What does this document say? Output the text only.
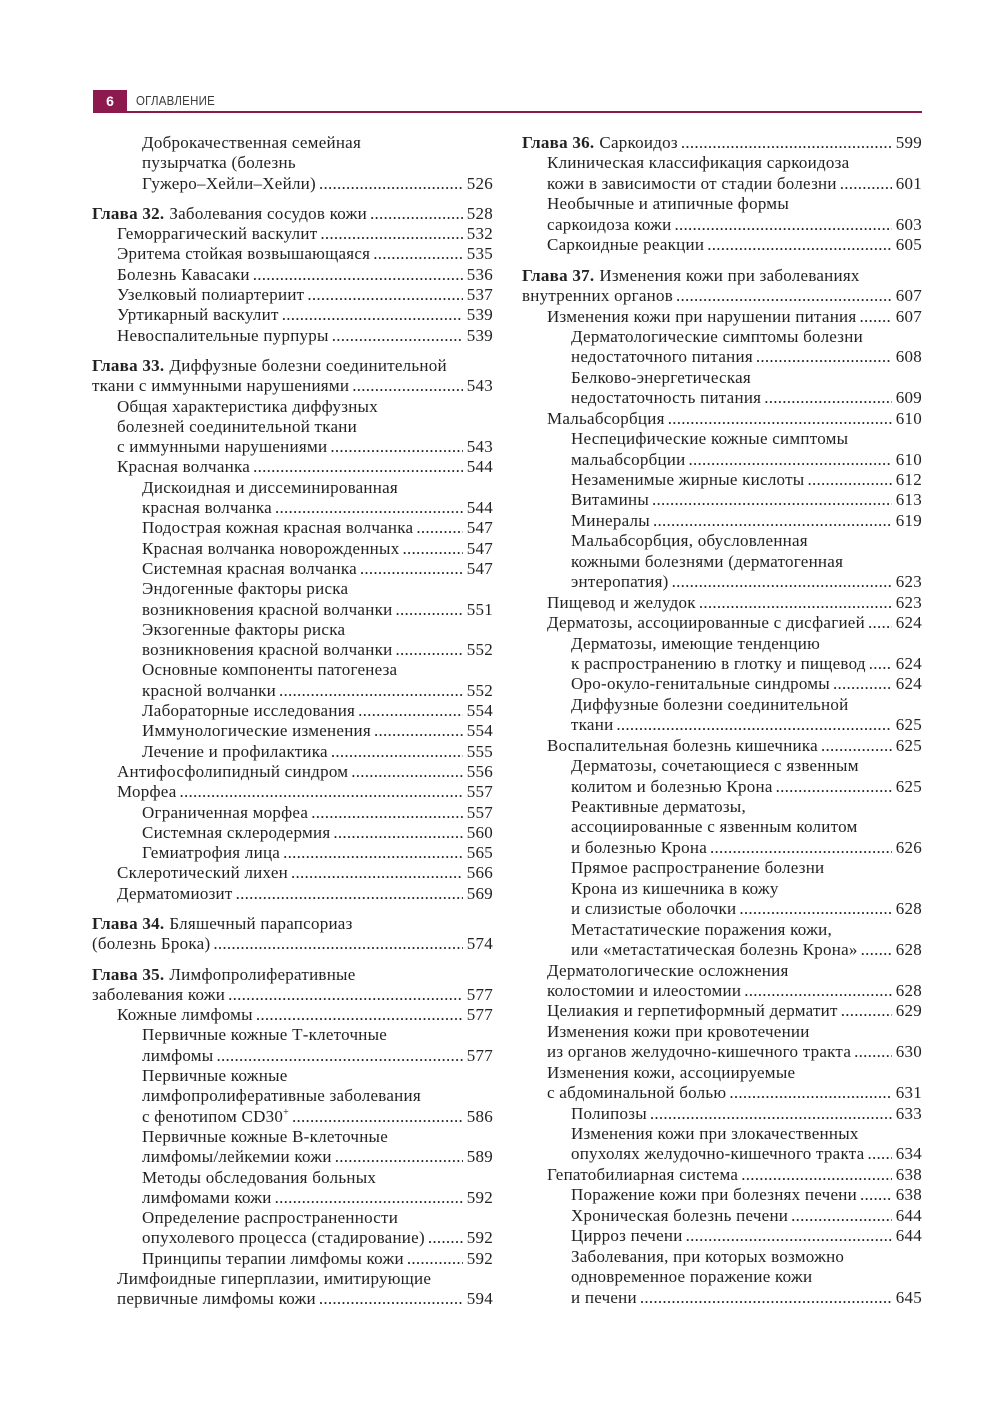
6	ОГЛАВЛЕНИЕ
Доброкачественная семейная
пузырчатка (болезнь
Гужеро–Хейли–Хейли) .....	526
Глава 32. Заболевания сосудов кожи .....	528
Геморрагический васкулит .....	532
Эритема стойкая возвышающаяся .....	535
Болезнь Кавасаки .....	536
Узелковый полиартериит .....	537
Уртикарный васкулит .....	539
Невоспалительные пурпуры .....	539
Глава 33. Диффузные болезни соединительной
ткани с иммунными нарушениями .....	543
Общая характеристика диффузных
болезней соединительной ткани
с иммунными нарушениями .....	543
Красная волчанка .....	544
Дискоидная и диссеминированная
красная волчанка .....	544
Подострая кожная красная волчанка .....	547
Красная волчанка новорожденных .....	547
Системная красная волчанка .....	547
Эндогенные факторы риска
возникновения красной волчанки .....	551
Экзогенные факторы риска
возникновения красной волчанки .....	552
Основные компоненты патогенеза
красной волчанки .....	552
Лабораторные исследования .....	554
Иммунологические изменения .....	554
Лечение и профилактика .....	555
Антифосфолипидный синдром .....	556
Морфеа .....	557
Ограниченная морфеа .....	557
Системная склеродермия .....	560
Гемиатрофия лица .....	565
Склеротический лихен .....	566
Дерматомиозит .....	569
Глава 34. Бляшечный парапсориаз
(болезнь Брока) .....	574
Глава 35. Лимфопролиферативные
заболевания кожи .....	577
Кожные лимфомы .....	577
Первичные кожные Т-клеточные
лимфомы .....	577
Первичные кожные
лимфопролиферативные заболевания
с фенотипом CD30+ .....	586
Первичные кожные В-клеточные
лимфомы/лейкемии кожи .....	589
Методы обследования больных
лимфомами кожи .....	592
Определение распространенности
опухолевого процесса (стадирование) ..... 592
Принципы терапии лимфомы кожи .....	592
Лимфоидные гиперплазии, имитирующие
первичные лимфомы кожи .....	594
Глава 36. Саркоидоз .....	599
Клиническая классификация саркоидоза
кожи в зависимости от стадии болезни .....	601
Необычные и атипичные формы
саркоидоза кожи .....	603
Саркоидные реакции .....	605
Глава 37. Изменения кожи при заболеваниях
внутренних органов .....	607
Изменения кожи при нарушении питания ..... 607
Дерматологические симптомы болезни
недостаточного питания .....	608
Белково-энергетическая
недостаточность питания .....	609
Мальабсорбция .....	610
Неспецифические кожные симптомы
мальабсорбции .....	610
Незаменимые жирные кислоты .....	612
Витамины .....	613
Минералы .....	619
Мальабсорбция, обусловленная
кожными болезнями (дерматогенная
энтеропатия) .....	623
Пищевод и желудок .....	623
Дерматозы, ассоциированные с дисфагией ..... 624
Дерматозы, имеющие тенденцию
к распространению в глотку и пищевод ..... 624
Оро-окуло-генитальные синдромы .....	624
Диффузные болезни соединительной
ткани .....	625
Воспалительная болезнь кишечника .....	625
Дерматозы, сочетающиеся с язвенным
колитом и болезнью Крона .....	625
Реактивные дерматозы,
ассоциированные с язвенным колитом
и болезнью Крона .....	626
Прямое распространение болезни
Крона из кишечника в кожу
и слизистые оболочки .....	628
Метастатические поражения кожи,
или «метастатическая болезнь Крона» ..... 628
Дерматологические осложнения
колостомии и илеостомии .....	628
Целиакия и герпетиформный дерматит .....	629
Изменения кожи при кровотечении
из органов желудочно-кишечного тракта .....	630
Изменения кожи, ассоциируемые
с абдоминальной болью .....	631
Полипозы .....	633
Изменения кожи при злокачественных
опухолях желудочно-кишечного тракта ..... 634
Гепатобилиарная система .....	638
Поражение кожи при болезнях печени ..... 638
Хроническая болезнь печени .....	644
Цирроз печени .....	644
Заболевания, при которых возможно
одновременное поражение кожи
и печени .....	645
